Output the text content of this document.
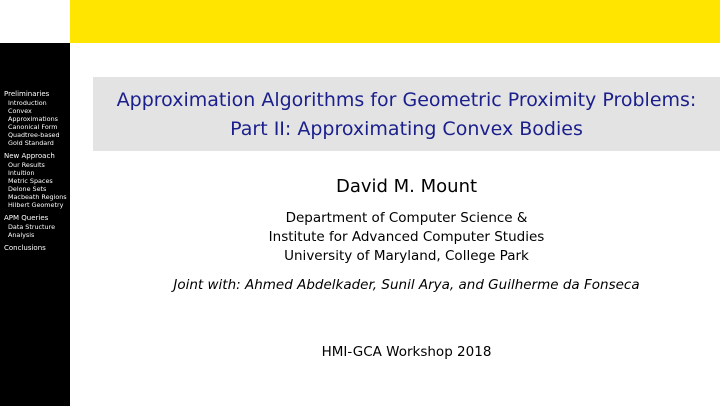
Preliminaries
Introduction
Convex Approximations
Canonical Form
Quadtree-based
Gold Standard
New Approach
Our Results
Intuition
Metric Spaces
Delone Sets
Macbeath Regions
Hilbert Geometry
APM Queries
Data Structure
Analysis
Conclusions
Approximation Algorithms for Geometric Proximity Problems:
Part II: Approximating Convex Bodies
David M. Mount
Department of Computer Science &
Institute for Advanced Computer Studies
University of Maryland, College Park
Joint with: Ahmed Abdelkader, Sunil Arya, and Guilherme da Fonseca
HMI-GCA Workshop 2018
